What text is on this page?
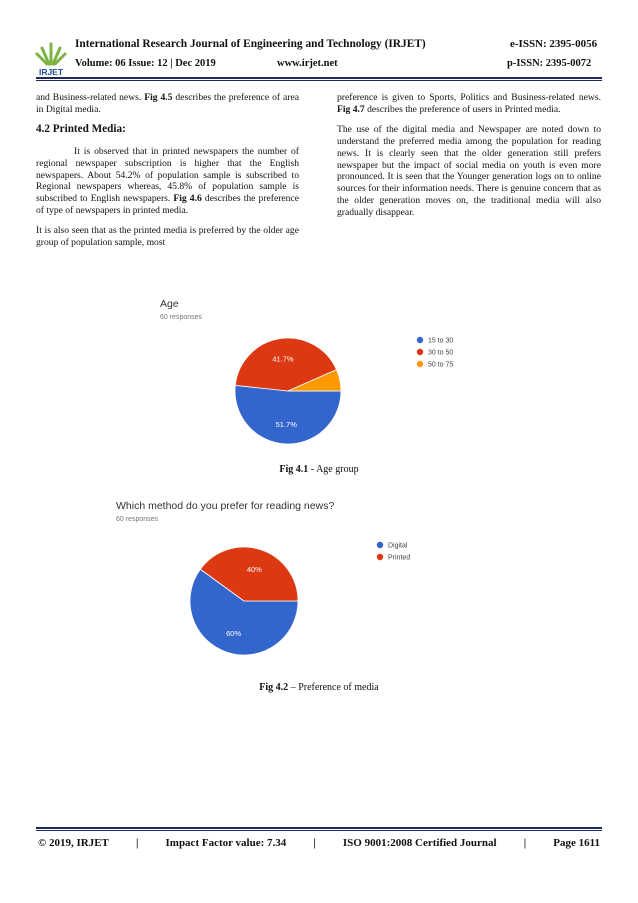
IRJET
International Research Journal of Engineering and Technology (IRJET)	e-ISSN: 2395-0056
Volume: 06 Issue: 12 | Dec 2019	www.irjet.net	p-ISSN: 2395-0072

and Business-related news. Fig 4.5 describes the preference of area in Digital media.

4.2 Printed Media:

It is observed that in printed newspapers the number of regional newspaper subscription is higher that the English newspapers. About 54.2% of population sample is subscribed to Regional newspapers whereas, 45.8% of population sample is subscribed to English newspapers. Fig 4.6 describes the preference of type of newspapers in printed media.

It is also seen that as the printed media is preferred by the older age group of population sample, most

preference is given to Sports, Politics and Business-related news. Fig 4.7 describes the preference of users in Printed media.

The use of the digital media and Newspaper are noted down to understand the preferred media among the population for reading news. It is clearly seen that the older generation still prefers newspaper but the impact of social media on youth is even more pronounced. It is seen that the Younger generation logs on to online sources for their information needs. There is genuine concern that as the older generation moves on, the traditional media will also gradually disappear.

Age
60 responses
51.7%
41.7%
15 to 30
30 to 50
50 to 75
Fig 4.1 - Age group
Which method do you prefer for reading news?
60 responses
60%
40%
Digital
Printed
Fig 4.2 – Preference of media
© 2019, IRJET | Impact Factor value: 7.34 | ISO 9001:2008 Certified Journal | Page 1611
